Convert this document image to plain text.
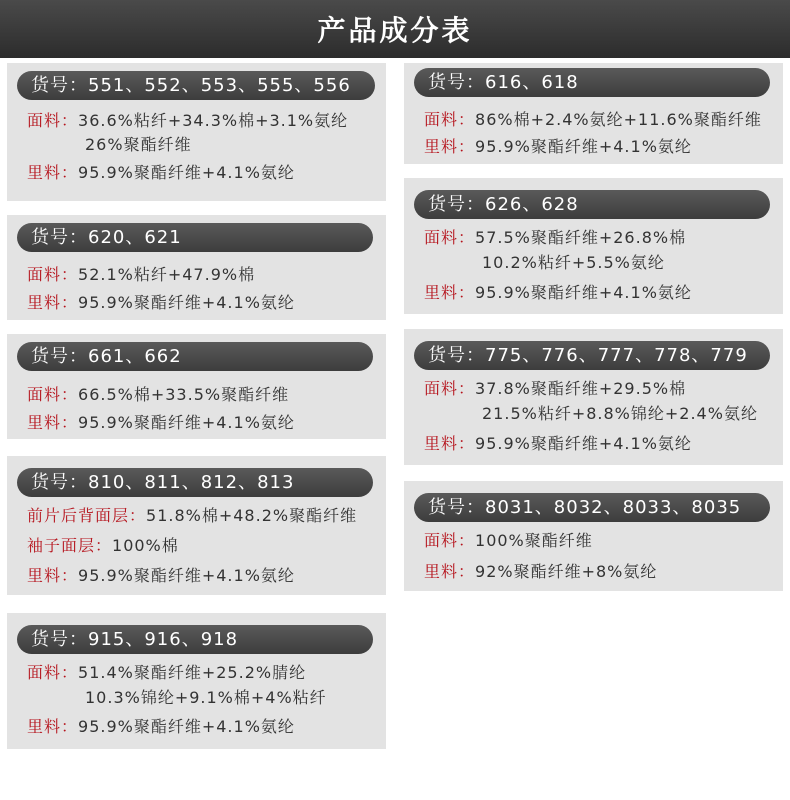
产品成分表
货号：551、552、553、555、556
面料：36.6%粘纤+34.3%棉+3.1%氨纶
26%聚酯纤维
里料：95.9%聚酯纤维+4.1%氨纶
货号：620、621
面料：52.1%粘纤+47.9%棉
里料：95.9%聚酯纤维+4.1%氨纶
货号：661、662
面料：66.5%棉+33.5%聚酯纤维
里料：95.9%聚酯纤维+4.1%氨纶
货号：810、811、812、813
前片后背面层：51.8%棉+48.2%聚酯纤维
袖子面层：100%棉
里料：95.9%聚酯纤维+4.1%氨纶
货号：915、916、918
面料：51.4%聚酯纤维+25.2%腈纶
10.3%锦纶+9.1%棉+4%粘纤
里料：95.9%聚酯纤维+4.1%氨纶
货号：616、618
面料：86%棉+2.4%氨纶+11.6%聚酯纤维
里料：95.9%聚酯纤维+4.1%氨纶
货号：626、628
面料：57.5%聚酯纤维+26.8%棉
10.2%粘纤+5.5%氨纶
里料：95.9%聚酯纤维+4.1%氨纶
货号：775、776、777、778、779
面料：37.8%聚酯纤维+29.5%棉
21.5%粘纤+8.8%锦纶+2.4%氨纶
里料：95.9%聚酯纤维+4.1%氨纶
货号：8031、8032、8033、8035
面料：100%聚酯纤维
里料：92%聚酯纤维+8%氨纶
